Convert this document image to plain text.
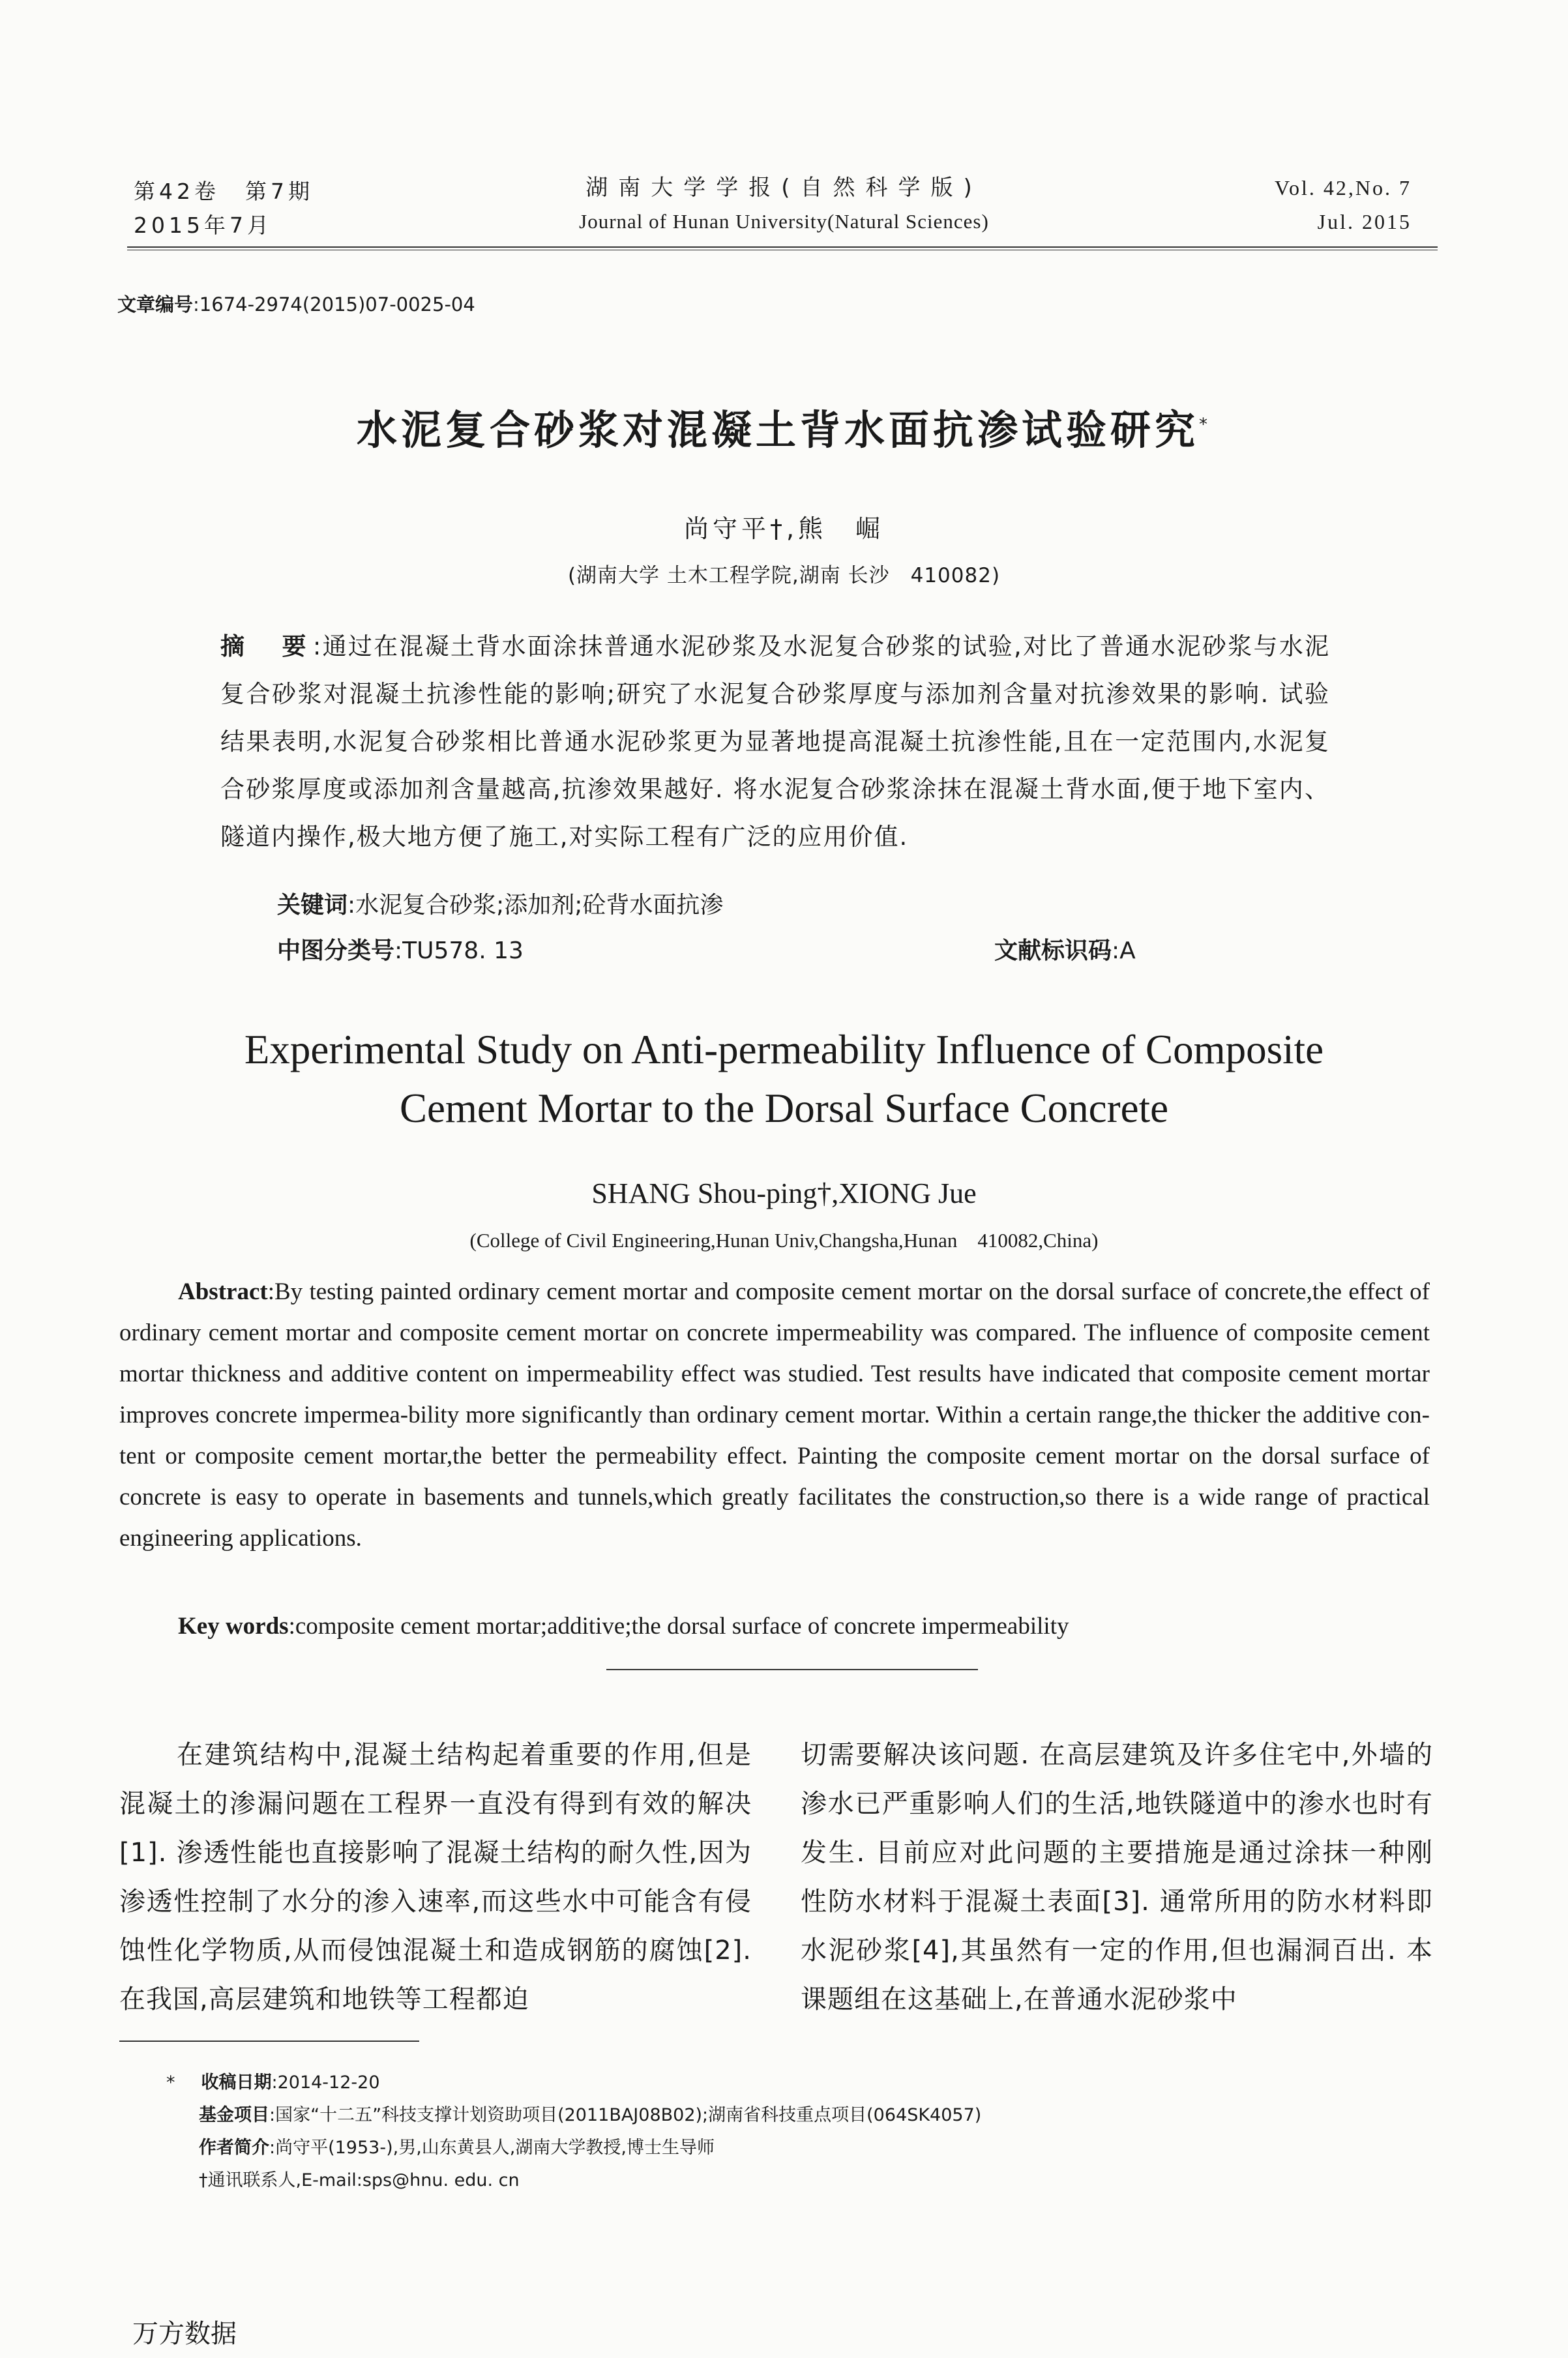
第42卷　第7期
2015年7月
湖南大学学报(自然科学版)
Journal of Hunan University(Natural Sciences)
Vol. 42,No. 7
Jul. 2015
文章编号:1674-2974(2015)07-0025-04
水泥复合砂浆对混凝土背水面抗渗试验研究*
尚守平†,熊　崛
(湖南大学 土木工程学院,湖南 长沙　410082)
摘　要:通过在混凝土背水面涂抹普通水泥砂浆及水泥复合砂浆的试验,对比了普通水泥砂浆与水泥复合砂浆对混凝土抗渗性能的影响;研究了水泥复合砂浆厚度与添加剂含量对抗渗效果的影响. 试验结果表明,水泥复合砂浆相比普通水泥砂浆更为显著地提高混凝土抗渗性能,且在一定范围内,水泥复合砂浆厚度或添加剂含量越高,抗渗效果越好. 将水泥复合砂浆涂抹在混凝土背水面,便于地下室内、隧道内操作,极大地方便了施工,对实际工程有广泛的应用价值.
关键词:水泥复合砂浆;添加剂;砼背水面抗渗
中图分类号:TU578. 13	文献标识码:A
Experimental Study on Anti-permeability Influence of Composite
Cement Mortar to the Dorsal Surface Concrete
SHANG Shou-ping†,XIONG Jue
(College of Civil Engineering,Hunan Univ,Changsha,Hunan　410082,China)

Abstract:By testing painted ordinary cement mortar and composite cement mortar on the dorsal surface of concrete,the effect of ordinary cement mortar and composite cement mortar on concrete impermeability was compared. The influence of composite cement mortar thickness and additive content on impermeability effect was studied. Test results have indicated that composite cement mortar improves concrete impermea-bility more significantly than ordinary cement mortar. Within a certain range,the thicker the additive con-tent or composite cement mortar,the better the permeability effect. Painting the composite cement mortar on the dorsal surface of concrete is easy to operate in basements and tunnels,which greatly facilitates the construction,so there is a wide range of practical engineering applications.

Key words:composite cement mortar;additive;the dorsal surface of concrete impermeability

在建筑结构中,混凝土结构起着重要的作用,但是混凝土的渗漏问题在工程界一直没有得到有效的解决[1]. 渗透性能也直接影响了混凝土结构的耐久性,因为渗透性控制了水分的渗入速率,而这些水中可能含有侵蚀性化学物质,从而侵蚀混凝土和造成钢筋的腐蚀[2]. 在我国,高层建筑和地铁等工程都迫

切需要解决该问题. 在高层建筑及许多住宅中,外墙的渗水已严重影响人们的生活,地铁隧道中的渗水也时有发生. 目前应对此问题的主要措施是通过涂抹一种刚性防水材料于混凝土表面[3]. 通常所用的防水材料即水泥砂浆[4],其虽然有一定的作用,但也漏洞百出. 本课题组在这基础上,在普通水泥砂浆中

* 收稿日期:2014-12-20
基金项目:国家“十二五”科技支撑计划资助项目(2011BAJ08B02);湖南省科技重点项目(064SK4057)
作者简介:尚守平(1953-),男,山东黄县人,湖南大学教授,博士生导师
†通讯联系人,E-mail:sps@hnu. edu. cn
万方数据
